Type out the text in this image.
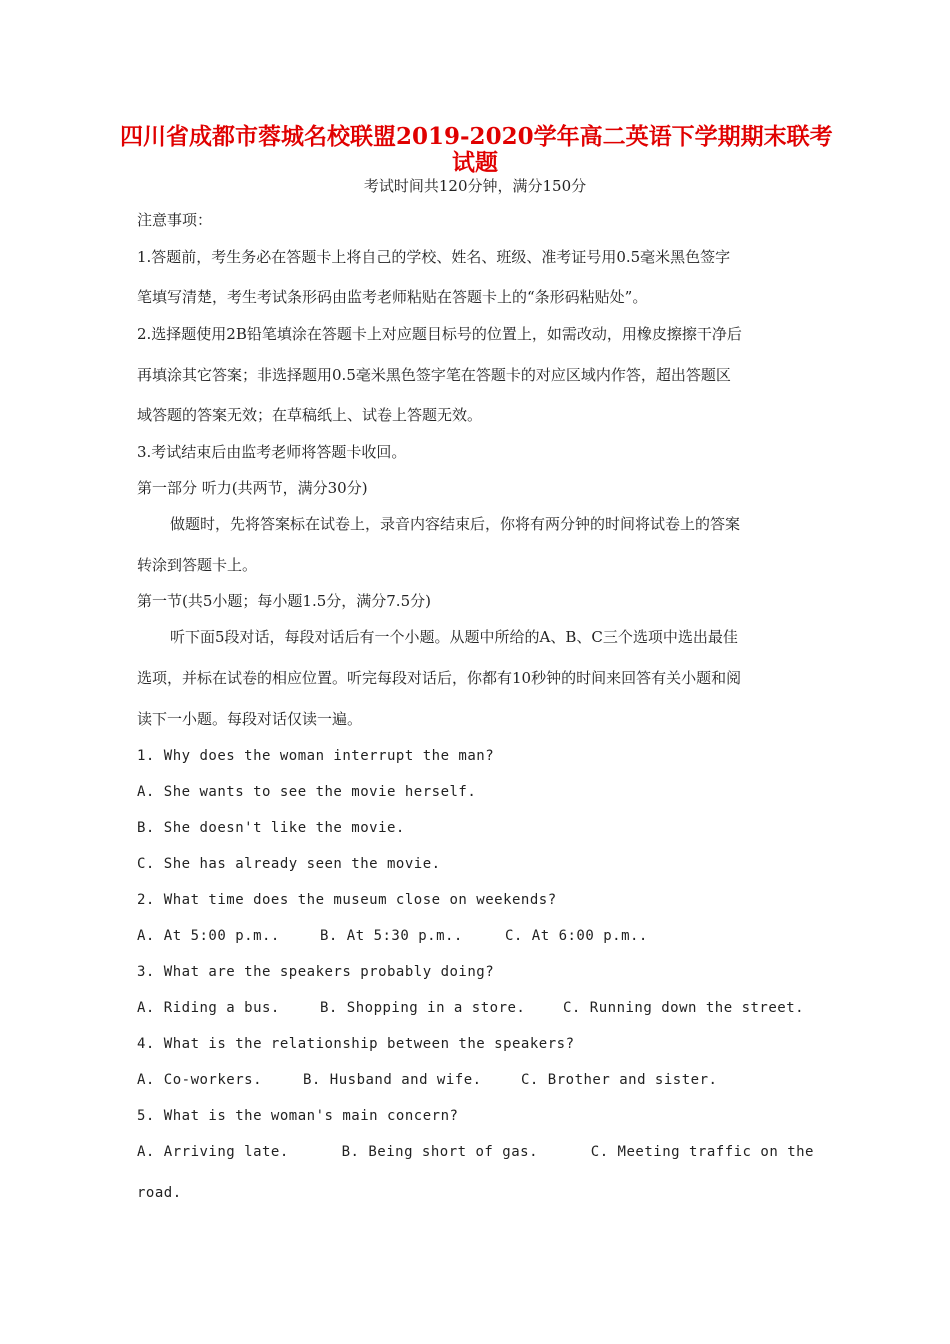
四川省成都市蓉城名校联盟2019-2020学年高二英语下学期期末联考
试题
考试时间共120分钟，满分150分
注意事项：
1.答题前，考生务必在答题卡上将自己的学校、姓名、班级、准考证号用0.5毫米黑色签字
笔填写清楚，考生考试条形码由监考老师粘贴在答题卡上的“条形码粘贴处”。
2.选择题使用2B铅笔填涂在答题卡上对应题目标号的位置上，如需改动，用橡皮擦擦干净后
再填涂其它答案；非选择题用0.5毫米黑色签字笔在答题卡的对应区域内作答，超出答题区
域答题的答案无效；在草稿纸上、试卷上答题无效。
3.考试结束后由监考老师将答题卡收回。
第一部分 听力(共两节，满分30分)
做题时，先将答案标在试卷上，录音内容结束后，你将有两分钟的时间将试卷上的答案
转涂到答题卡上。
第一节(共5小题；每小题1.5分，满分7.5分)
听下面5段对话，每段对话后有一个小题。从题中所给的A、B、C三个选项中选出最佳
选项，并标在试卷的相应位置。听完每段对话后，你都有10秒钟的时间来回答有关小题和阅
读下一小题。每段对话仅读一遍。
1. Why does the woman interrupt the man?
A. She wants to see the movie herself.
B. She doesn't like the movie.
C. She has already seen the movie.
2. What time does the museum close on weekends?
A. At 5:00 p.m..	B. At 5:30 p.m..	C. At 6:00 p.m..
3. What are the speakers probably doing?
A. Riding a bus.	B. Shopping in a store.	C. Running down the street.
4. What is the relationship between the speakers?
A. Co-workers.	B. Husband and wife.	C. Brother and sister.
5. What is the woman's main concern?
A. Arriving late.	B. Being short of gas.	C. Meeting traffic on the
road.
